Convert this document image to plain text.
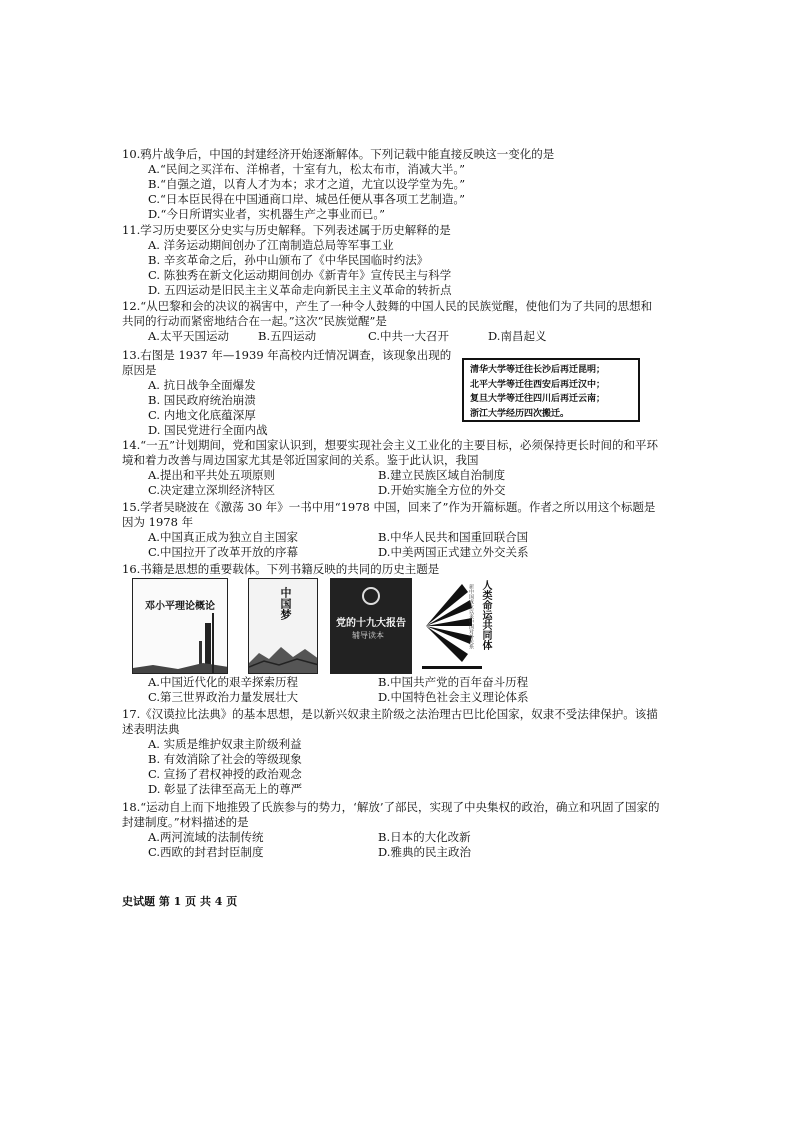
10.鸦片战争后，中国的封建经济开始逐渐解体。下列记载中能直接反映这一变化的是

A.“民间之买洋布、洋棉者，十室有九，松太布市，消减大半。”

B.“自强之道，以育人才为本；求才之道，尤宜以设学堂为先。”

C.“日本臣民得在中国通商口岸、城邑任便从事各项工艺制造。”

D.“今日所谓实业者，实机器生产之事业而已。”

11.学习历史要区分史实与历史解释。下列表述属于历史解释的是

A. 洋务运动期间创办了江南制造总局等军事工业

B. 辛亥革命之后，孙中山颁布了《中华民国临时约法》

C. 陈独秀在新文化运动期间创办《新青年》宣传民主与科学

D. 五四运动是旧民主主义革命走向新民主主义革命的转折点

12.“从巴黎和会的决议的祸害中，产生了一种令人鼓舞的中国人民的民族觉醒，使他们为了共同的思想和共同的行动而紧密地结合在一起。”这次“民族觉醒”是

A.太平天国运动	B.五四运动	C.中共一大召开	D.南昌起义

13.右图是 1937 年—1939 年高校内迁情况调查，该现象出现的原因是

A. 抗日战争全面爆发

B. 国民政府统治崩溃

C. 内地文化底蕴深厚

D. 国民党进行全面内战

清华大学等迁往长沙后再迁昆明；
北平大学等迁往西安后再迁汉中；
复旦大学等迁往四川后再迁云南；
浙江大学经历四次搬迁。

14.“一五”计划期间，党和国家认识到，想要实现社会主义工业化的主要目标，必须保持更长时间的和平环境和着力改善与周边国家尤其是邻近国家间的关系。鉴于此认识，我国

A.提出和平共处五项原则	B.建立民族区域自治制度
C.决定建立深圳经济特区	D.开始实施全方位的外交

15.学者吴晓波在《激荡 30 年》一书中用“1978 中国，回来了”作为开篇标题。作者之所以用这个标题是因为 1978 年

A.中国真正成为独立自主国家	B.中华人民共和国重回联合国
C.中国拉开了改革开放的序幕	D.中美两国正式建立外交关系

16.书籍是思想的重要载体。下列书籍反映的共同的历史主题是

邓小平理论概论	中国梦
党的十九大报告
辅导读本	人类命运共同体
新中国成立以来中国对外关系
A.中国近代化的艰辛探索历程	B.中国共产党的百年奋斗历程
C.第三世界政治力量发展壮大	D.中国特色社会主义理论体系

17.《汉谟拉比法典》的基本思想，是以新兴奴隶主阶级之法治理古巴比伦国家，奴隶不受法律保护。该描述表明法典

A. 实质是维护奴隶主阶级利益

B. 有效消除了社会的等级现象

C. 宣扬了君权神授的政治观念

D. 彰显了法律至高无上的尊严

18.“运动自上而下地推毁了氏族参与的势力，‘解放’了部民，实现了中央集权的政治，确立和巩固了国家的封建制度。”材料描述的是

A.两河流域的法制传统	B.日本的大化改新
C.西欧的封君封臣制度	D.雅典的民主政治
史试题 第 1 页 共 4 页
